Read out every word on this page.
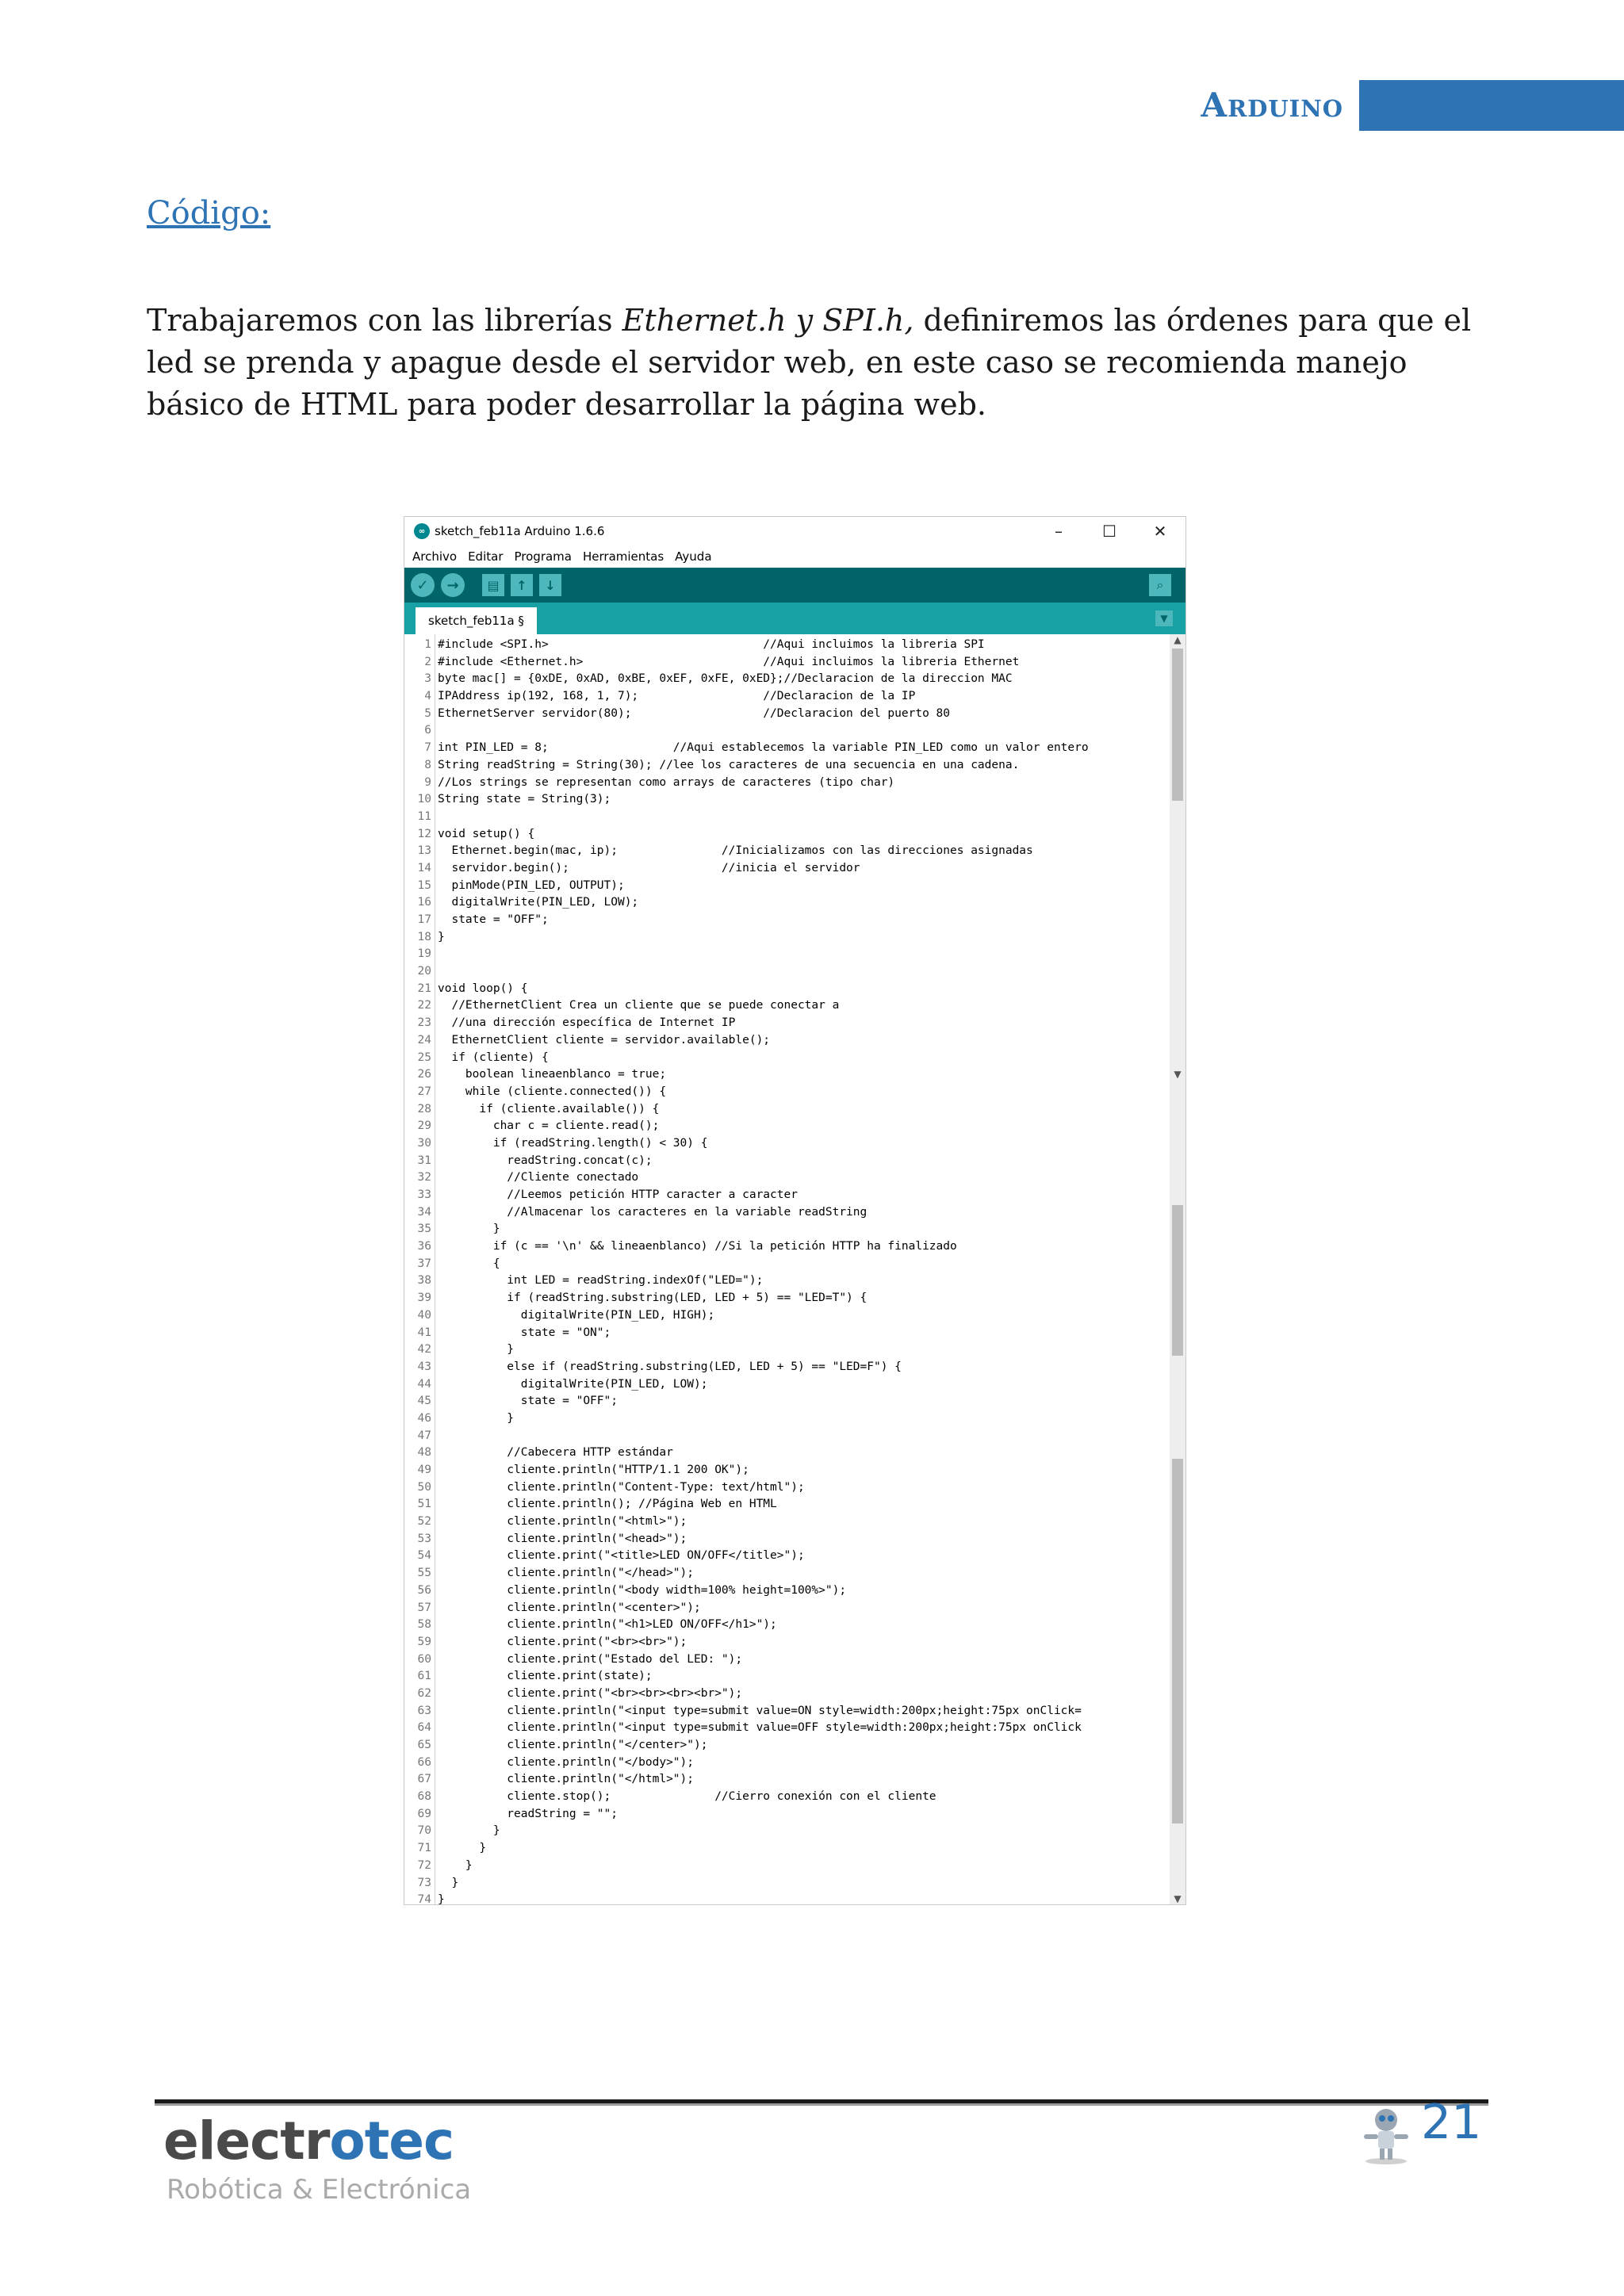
Arduino
Código:
Trabajaremos con las librerías Ethernet.h y SPI.h, definiremos las órdenes para que el led se prenda y apague desde el servidor web, en este caso se recomienda manejo básico de HTML para poder desarrollar la página web.
∞ sketch_feb11a Arduino 1.6.6	–	☐	✕
Archivo Editar Programa Herramientas Ayuda
✓	→	▤	↑	↓	⌕
sketch_feb11a §	▼
1 #include <SPI.h>                               //Aqui incluimos la libreria SPI
2 #include <Ethernet.h>                          //Aqui incluimos la libreria Ethernet
3 byte mac[] = {0xDE, 0xAD, 0xBE, 0xEF, 0xFE, 0xED};//Declaracion de la direccion MAC
4 IPAddress ip(192, 168, 1, 7);                  //Declaracion de la IP
5 EthernetServer servidor(80);                   //Declaracion del puerto 80
6
7 int PIN_LED = 8;                  //Aqui establecemos la variable PIN_LED como un valor entero
8 String readString = String(30); //lee los caracteres de una secuencia en una cadena.
9 //Los strings se representan como arrays de caracteres (tipo char)
10 String state = String(3);
11
12 void setup() {
13 Ethernet.begin(mac, ip);               //Inicializamos con las direcciones asignadas
14 servidor.begin();                      //inicia el servidor
15 pinMode(PIN_LED, OUTPUT);
16 digitalWrite(PIN_LED, LOW);
17 state = "OFF";
18 }
19
20
21 void loop() {
22 //EthernetClient Crea un cliente que se puede conectar a
23 //una dirección específica de Internet IP
24 EthernetClient cliente = servidor.available();
25 if (cliente) {
26 boolean lineaenblanco = true;
27 while (cliente.connected()) {
28 if (cliente.available()) {
29 char c = cliente.read();
30 if (readString.length() < 30) {
31 readString.concat(c);
32 //Cliente conectado
33 //Leemos petición HTTP caracter a caracter
34 //Almacenar los caracteres en la variable readString
35 }
36 if (c == '\n' && lineaenblanco) //Si la petición HTTP ha finalizado
37 {
38 int LED = readString.indexOf("LED=");
39 if (readString.substring(LED, LED + 5) == "LED=T") {
40 digitalWrite(PIN_LED, HIGH);
41 state = "ON";
42 }
43 else if (readString.substring(LED, LED + 5) == "LED=F") {
44 digitalWrite(PIN_LED, LOW);
45 state = "OFF";
46 }
47
48 //Cabecera HTTP estándar
49 cliente.println("HTTP/1.1 200 OK");
50 cliente.println("Content-Type: text/html");
51 cliente.println(); //Página Web en HTML
52 cliente.println("<html>");
53 cliente.println("<head>");
54 cliente.print("<title>LED ON/OFF</title>");
55 cliente.println("</head>");
56 cliente.println("<body width=100% height=100%>");
57 cliente.println("<center>");
58 cliente.println("<h1>LED ON/OFF</h1>");
59 cliente.print("<br><br>");
60 cliente.print("Estado del LED: ");
61 cliente.print(state);
62 cliente.print("<br><br><br><br>");
63 cliente.println("<input type=submit value=ON style=width:200px;height:75px onClick=
64 cliente.println("<input type=submit value=OFF style=width:200px;height:75px onClick
65 cliente.println("</center>");
66 cliente.println("</body>");
67 cliente.println("</html>");
68 cliente.stop();               //Cierro conexión con el cliente
69 readString = "";
70 }
71 }
72 }
73 }
74 }
▲
▼
▼
electrotec
Robótica & Electrónica
21
